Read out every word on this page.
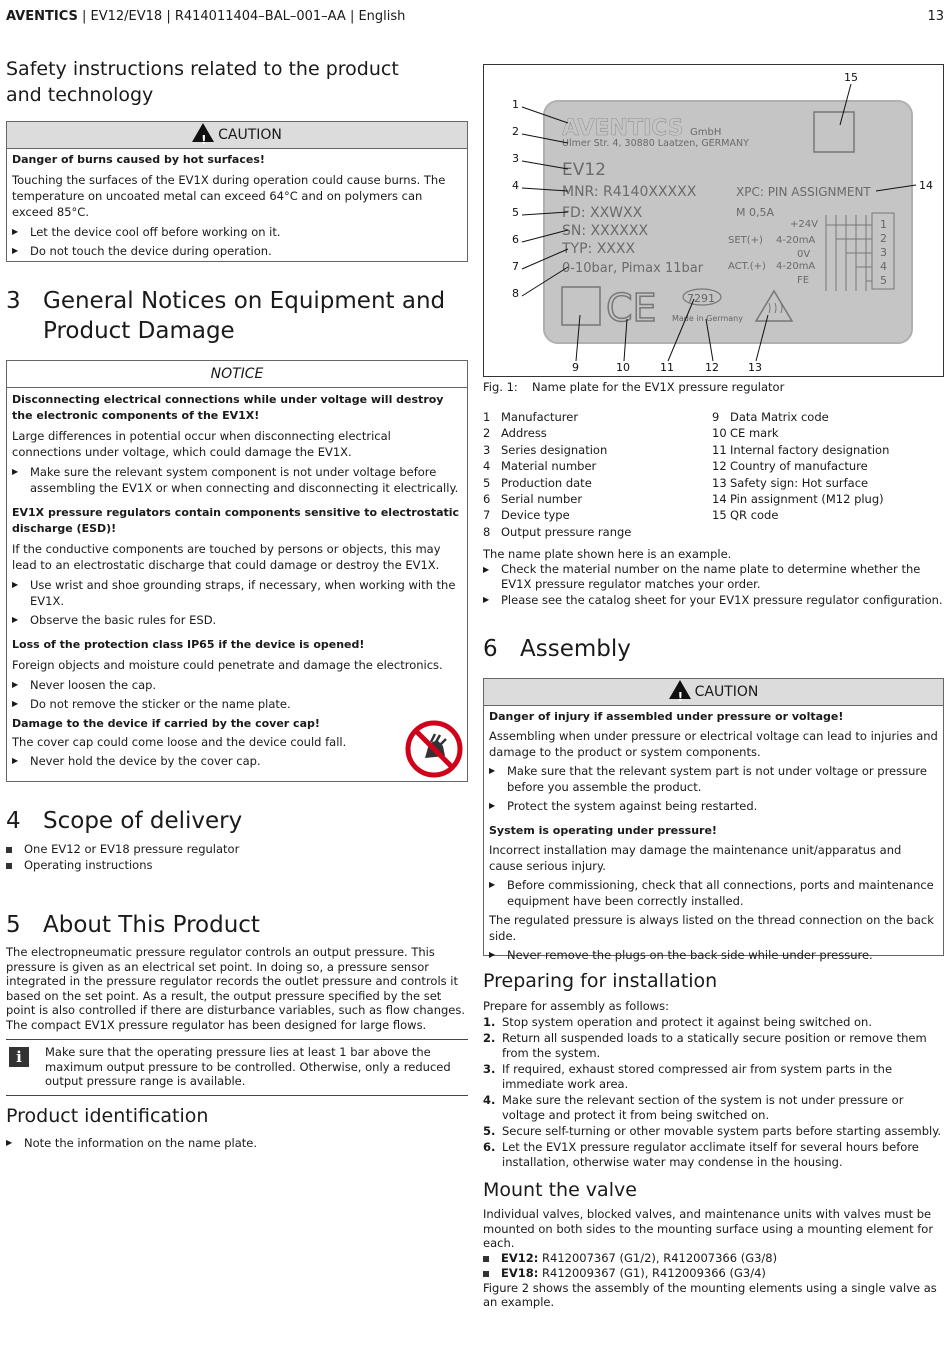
AVENTICS | EV12/EV18 | R414011404–BAL–001–AA | English	13
Safety instructions related to the product and technology
! CAUTION
Danger of burns caused by hot surfaces!
Touching the surfaces of the EV1X during operation could cause burns. The temperature on uncoated metal can exceed 64°C and on polymers can exceed 85°C.
▶	Let the device cool off before working on it.
▶	Do not touch the device during operation.
3 General Notices on Equipment and Product Damage
NOTICE
Disconnecting electrical connections while under voltage will destroy the electronic components of the EV1X!
Large differences in potential occur when disconnecting electrical connections under voltage, which could damage the EV1X.
▶	Make sure the relevant system component is not under voltage before assembling the EV1X or when connecting and disconnecting it electrically.
EV1X pressure regulators contain components sensitive to electrostatic discharge (ESD)!
If the conductive components are touched by persons or objects, this may lead to an electrostatic discharge that could damage or destroy the EV1X.
▶	Use wrist and shoe grounding straps, if necessary, when working with the EV1X.
▶	Observe the basic rules for ESD.
Loss of the protection class IP65 if the device is opened!
Foreign objects and moisture could penetrate and damage the electronics.
▶	Never loosen the cap.
▶	Do not remove the sticker or the name plate.
Damage to the device if carried by the cover cap!
The cover cap could come loose and the device could fall.
▶	Never hold the device by the cover cap.
4 Scope of delivery
One EV12 or EV18 pressure regulator
Operating instructions
5 About This Product
The electropneumatic pressure regulator controls an output pressure. This pressure is given as an electrical set point. In doing so, a pressure sensor integrated in the pressure regulator records the outlet pressure and controls it based on the set point. As a result, the output pressure specified by the set point is also controlled if there are disturbance variables, such as flow changes. The compact EV1X pressure regulator has been designed for large flows.
i	Make sure that the operating pressure lies at least 1 bar above the maximum output pressure to be controlled. Otherwise, only a reduced output pressure range is available.
Product identification
▶	Note the information on the name plate.
AVENTICS GmbH
Ulmer Str. 4, 30880 Laatzen, GERMANY
EV12
MNR: R4140XXXXX
FD: XXWXX
SN: XXXXXX
TYP: XXXX
0-10bar, Pimax 11bar
XPC: PIN ASSIGNMENT
M 0,5A
+24V
SET(+) 4-20mA
0V
ACT.(+) 4-20mA
FE
1
2
3
4
5
CE	7291
Made in Germany
1
2
3
4
5
6
7
8
9	10	11	12	13
14
15
Fig. 1:	Name plate for the EV1X pressure regulator
1 Manufacturer	9 Data Matrix code
2 Address	10 CE mark
3 Series designation	11 Internal factory designation
4 Material number	12 Country of manufacture
5 Production date	13 Safety sign: Hot surface
6 Serial number	14 Pin assignment (M12 plug)
7 Device type	15 QR code
8 Output pressure range
The name plate shown here is an example.
▶	Check the material number on the name plate to determine whether the EV1X pressure regulator matches your order.
▶	Please see the catalog sheet for your EV1X pressure regulator configuration.
6 Assembly
! CAUTION
Danger of injury if assembled under pressure or voltage!
Assembling when under pressure or electrical voltage can lead to injuries and damage to the product or system components.
▶	Make sure that the relevant system part is not under voltage or pressure before you assemble the product.
▶	Protect the system against being restarted.
System is operating under pressure!
Incorrect installation may damage the maintenance unit/apparatus and cause serious injury.
▶	Before commissioning, check that all connections, ports and maintenance equipment have been correctly installed.
The regulated pressure is always listed on the thread connection on the back side.
▶	Never remove the plugs on the back side while under pressure.
Preparing for installation
Prepare for assembly as follows:
1. Stop system operation and protect it against being switched on.
2. Return all suspended loads to a statically secure position or remove them from the system.
3. If required, exhaust stored compressed air from system parts in the immediate work area.
4. Make sure the relevant section of the system is not under pressure or voltage and protect it from being switched on.
5. Secure self-turning or other movable system parts before starting assembly.
6. Let the EV1X pressure regulator acclimate itself for several hours before installation, otherwise water may condense in the housing.
Mount the valve
Individual valves, blocked valves, and maintenance units with valves must be mounted on both sides to the mounting surface using a mounting element for each.
EV12: R412007367 (G1/2), R412007366 (G3/8)
EV18: R412009367 (G1), R412009366 (G3/4)
Figure 2 shows the assembly of the mounting elements using a single valve as an example.
